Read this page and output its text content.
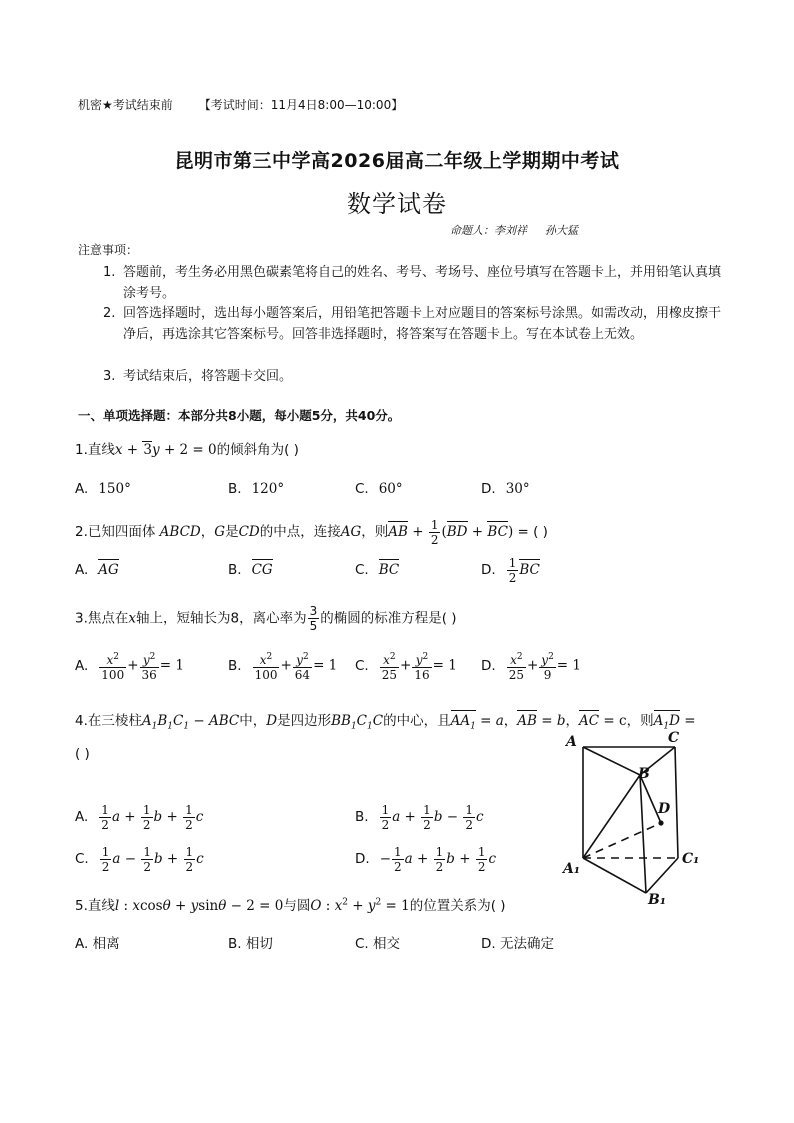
机密★考试结束前 【考试时间：11月4日8:00—10:00】
昆明市第三中学高2026届高二年级上学期期中考试
数学试卷
命题人：李刘祥 孙大猛
注意事项：
1. 答题前，考生务必用黑色碳素笔将自己的姓名、考号、考场号、座位号填写在答题卡上，并用铅笔认真填涂考号。
2. 回答选择题时，选出每小题答案后，用铅笔把答题卡上对应题目的答案标号涂黑。如需改动，用橡皮擦干净后，再选涂其它答案标号。回答非选择题时，将答案写在答题卡上。写在本试卷上无效。
3. 考试结束后，将答题卡交回。
一、单项选择题：本部分共8小题，每小题5分，共40分。
1.直线x + 3y + 2 = 0的倾斜角为( )
A. 150°	B. 120°	C. 60°	D. 30°
2.已知四面体 ABCD，G是CD的中点，连接AG，则AB + $\frac{1}{2} (BD + BC)$ = ( )
A. AG	B. CG	C. BC	D. $\frac{1}{2}$ BC
3.焦点在x轴上，短轴长为8，离心率为 $\frac{3}{5}$ 的椭圆的标准方程是( )
A. $\frac{x^2}{100} + \frac{y^2}{36} = 1$	B. $\frac{x^2}{100} + \frac{y^2}{64} = 1$ C. $\frac{x^2}{25} + \frac{y^2}{16} = 1$ D. $\frac{x^2}{25} + \frac{y^2}{9} = 1$
4.在三棱柱$A_1B_1C_1$ − ABC中，D是四边形$BB_1C_1C$的中心，且$AA_1 = a$，AB = b，AC = c，则$A_1D$ =
( )
A. $\frac{1}{2}$ $a + \frac{1}{2}$ $b + \frac{1}{2}$ c	B. $\frac{1}{2}$ $a + \frac{1}{2}$ $b - \frac{1}{2}$ c
C. $\frac{1}{2}$ $a - \frac{1}{2}$ $b + \frac{1}{2}$ c	D. − $\frac{1}{2}$ $a + \frac{1}{2}$ $b + \frac{1}{2}$ c
A	C
B
D
A₁
C₁
B₁
5.直线l : xcosθ + ysinθ − 2 = 0与圆O : $x^2 + y^2 = 1$的位置关系为( )
A. 相离	B. 相切	C. 相交	D. 无法确定
